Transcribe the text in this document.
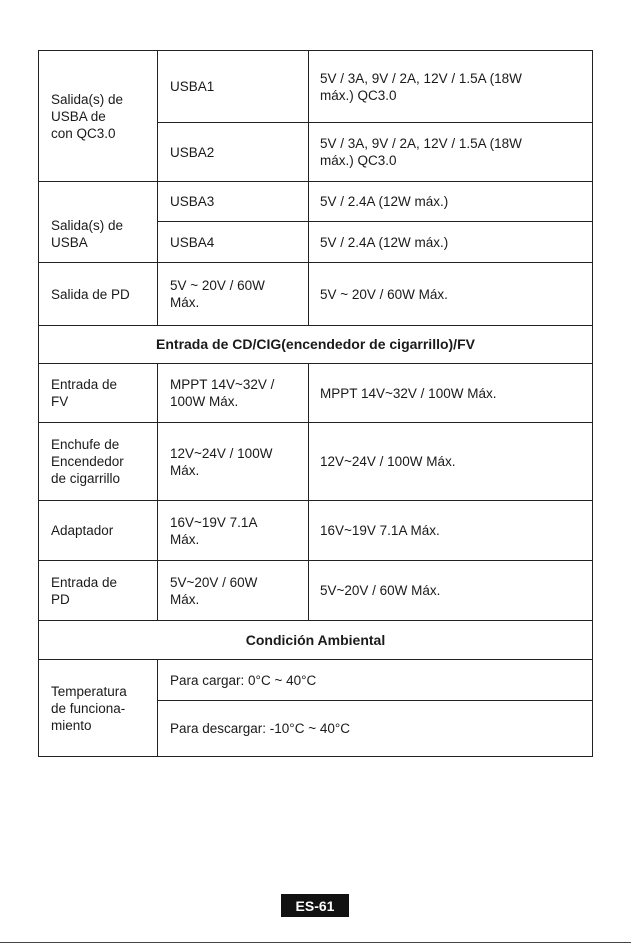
Salida(s) de
USBA de
con QC3.0
USBA1
5V / 3A, 9V / 2A, 12V / 1.5A (18W
máx.) QC3.0
USBA2
5V / 3A, 9V / 2A, 12V / 1.5A (18W
máx.) QC3.0
Salida(s) de
USBA
USBA3	5V / 2.4A (12W máx.)
USBA4	5V / 2.4A (12W máx.)
Salida de PD
5V ~ 20V / 60W
Máx.
5V ~ 20V / 60W Máx.
Entrada de CD/CIG(encendedor de cigarrillo)/FV
Entrada de
FV
MPPT 14V~32V /
100W Máx.
MPPT 14V~32V / 100W Máx.
Enchufe de
Encendedor
de cigarrillo
12V~24V / 100W
Máx.
12V~24V / 100W Máx.
Adaptador
16V~19V 7.1A
Máx.
16V~19V 7.1A Máx.
Entrada de
PD
5V~20V / 60W
Máx.
5V~20V / 60W Máx.
Condición Ambiental
Temperatura
de funciona-
miento
Para cargar: 0°C ~ 40°C
Para descargar: -10°C ~ 40°C
ES-61
